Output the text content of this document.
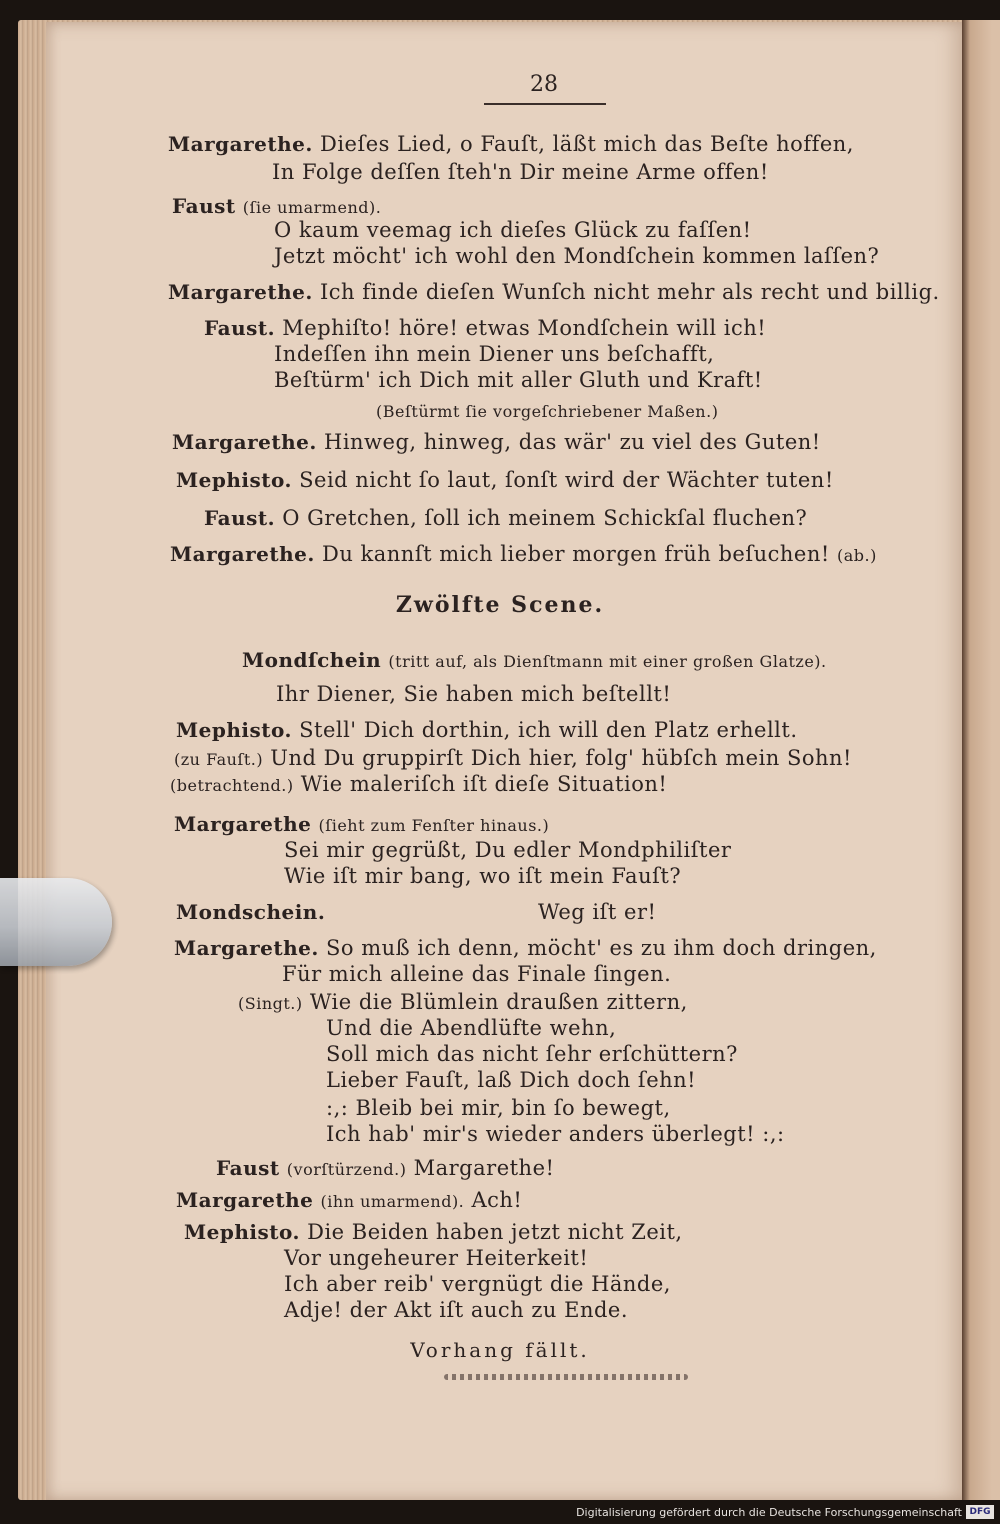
28
Margarethe. Dieſes Lied, o Fauſt, läßt mich das Beſte hoffen,
In Folge deſſen ſteh'n Dir meine Arme offen!
Faust (ſie umarmend).
O kaum veemag ich dieſes Glück zu faſſen!
Jetzt möcht' ich wohl den Mondſchein kommen laſſen?
Margarethe. Ich finde dieſen Wunſch nicht mehr als recht und billig.
Faust. Mephiſto! höre! etwas Mondſchein will ich!
Indeſſen ihn mein Diener uns beſchafft,
Beſtürm' ich Dich mit aller Gluth und Kraft!
(Beſtürmt ſie vorgeſchriebener Maßen.)
Margarethe. Hinweg, hinweg, das wär' zu viel des Guten!
Mephisto. Seid nicht ſo laut, ſonſt wird der Wächter tuten!
Faust. O Gretchen, ſoll ich meinem Schickſal fluchen?
Margarethe. Du kannſt mich lieber morgen früh beſuchen! (ab.)
Zwölfte Scene.
Mondſchein (tritt auf, als Dienſtmann mit einer großen Glatze).
Ihr Diener, Sie haben mich beſtellt!
Mephisto. Stell' Dich dorthin, ich will den Platz erhellt.
(zu Fauſt.) Und Du gruppirſt Dich hier, folg' hübſch mein Sohn!
(betrachtend.) Wie maleriſch iſt dieſe Situation!
Margarethe (ſieht zum Fenſter hinaus.)
Sei mir gegrüßt, Du edler Mondphiliſter
Wie iſt mir bang, wo iſt mein Fauſt?
Mondschein.	Weg iſt er!
Margarethe. So muß ich denn, möcht' es zu ihm doch dringen,
Für mich alleine das Finale ſingen.
(Singt.) Wie die Blümlein draußen zittern,
Und die Abendlüfte wehn,
Soll mich das nicht ſehr erſchüttern?
Lieber Fauſt, laß Dich doch ſehn!
:,: Bleib bei mir, bin ſo bewegt,
Ich hab' mir's wieder anders überlegt! :,:
Faust (vorſtürzend.) Margarethe!
Margarethe (ihn umarmend). Ach!
Mephisto. Die Beiden haben jetzt nicht Zeit,
Vor ungeheurer Heiterkeit!
Ich aber reib' vergnügt die Hände,
Adje! der Akt iſt auch zu Ende.
Vorhang fällt.
Digitalisierung gefördert durch die Deutsche Forschungsgemeinschaft DFG
